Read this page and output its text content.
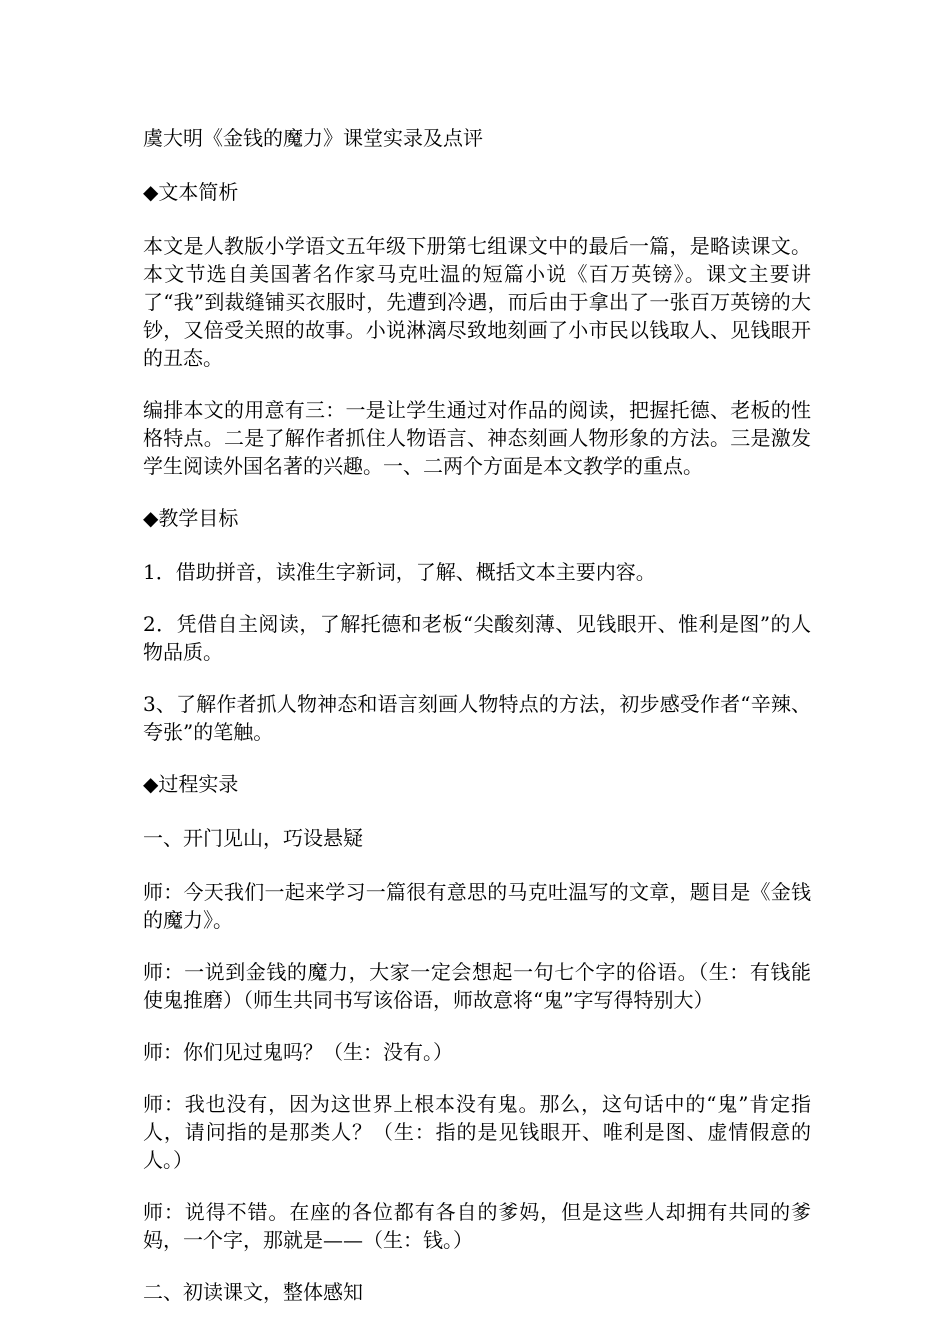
虞大明《金钱的魔力》课堂实录及点评

◆文本简析

本文是人教版小学语文五年级下册第七组课文中的最后一篇，是略读课文。本文节选自美国著名作家马克吐温的短篇小说《百万英镑》。课文主要讲了“我”到裁缝铺买衣服时，先遭到冷遇，而后由于拿出了一张百万英镑的大钞，又倍受关照的故事。小说淋漓尽致地刻画了小市民以钱取人、见钱眼开的丑态。

编排本文的用意有三：一是让学生通过对作品的阅读，把握托德、老板的性格特点。二是了解作者抓住人物语言、神态刻画人物形象的方法。三是激发学生阅读外国名著的兴趣。一、二两个方面是本文教学的重点。

◆教学目标

1．借助拼音，读准生字新词，了解、概括文本主要内容。

2．凭借自主阅读，了解托德和老板“尖酸刻薄、见钱眼开、惟利是图”的人物品质。

3、了解作者抓人物神态和语言刻画人物特点的方法，初步感受作者“辛辣、夸张”的笔触。

◆过程实录

一、开门见山，巧设悬疑

师：今天我们一起来学习一篇很有意思的马克吐温写的文章，题目是《金钱的魔力》。

师：一说到金钱的魔力，大家一定会想起一句七个字的俗语。（生：有钱能使鬼推磨）（师生共同书写该俗语，师故意将“鬼”字写得特别大）

师：你们见过鬼吗？（生：没有。）

师：我也没有，因为这世界上根本没有鬼。那么，这句话中的“鬼”肯定指人，请问指的是那类人？（生：指的是见钱眼开、唯利是图、虚情假意的人。）

师：说得不错。在座的各位都有各自的爹妈，但是这些人却拥有共同的爹妈，一个字，那就是——（生：钱。）

二、初读课文，整体感知
